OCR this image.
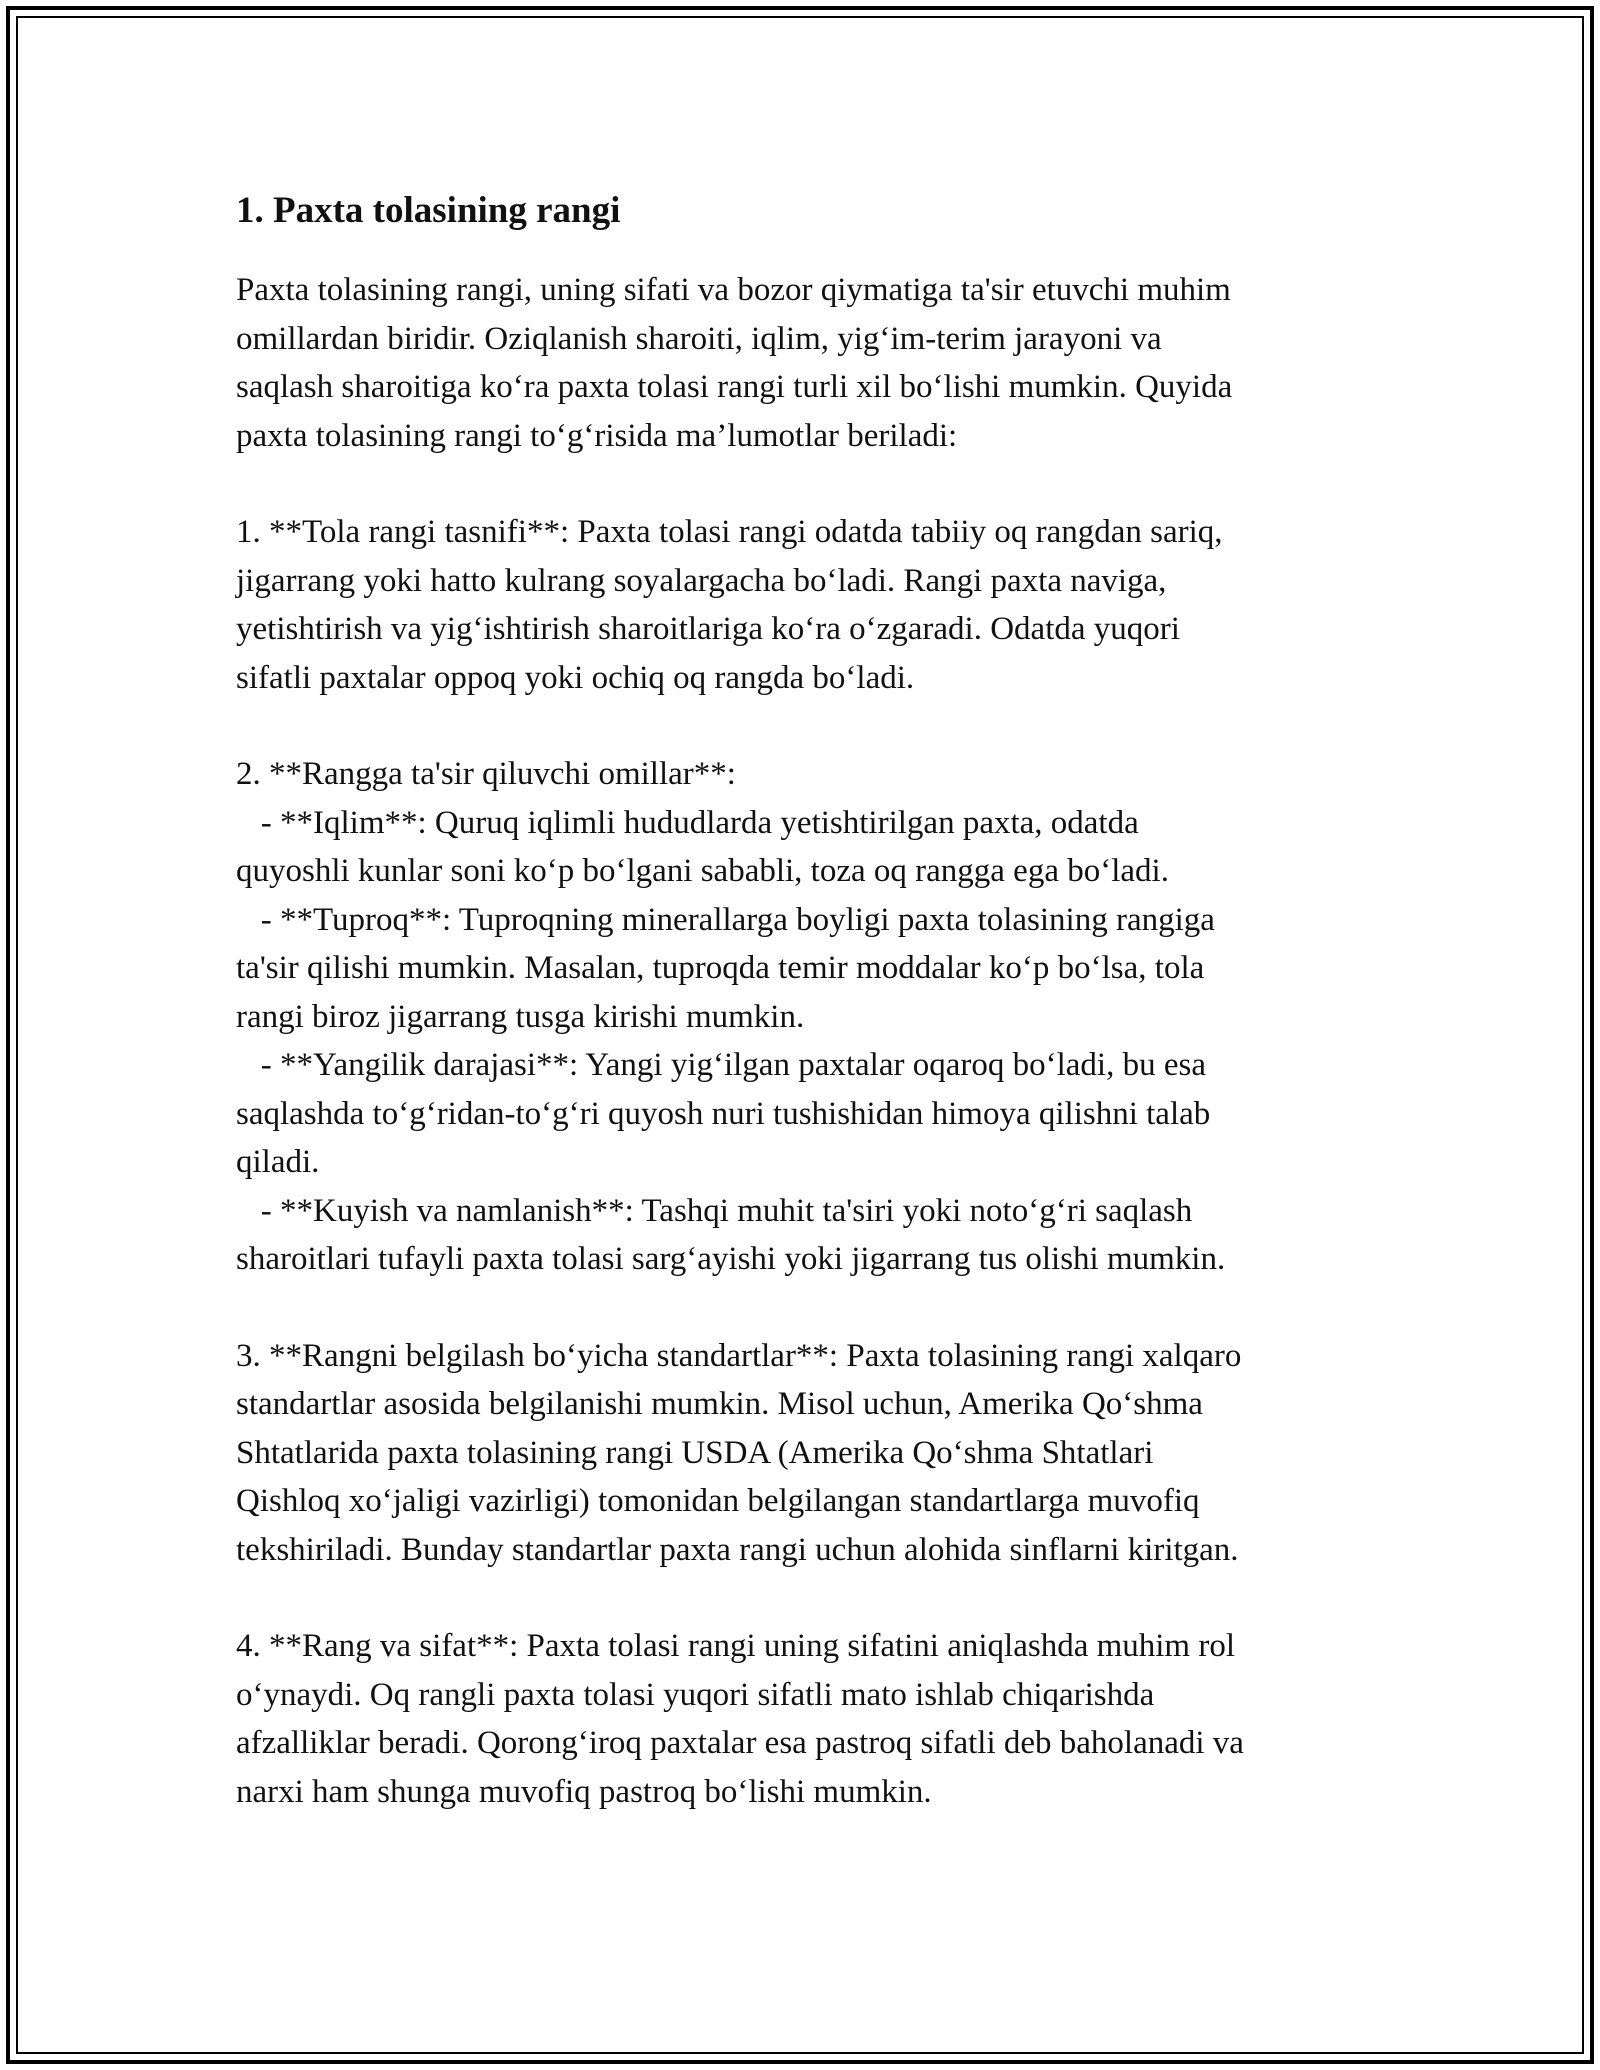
1. Paxta tolasining rangi

Paxta tolasining rangi, uning sifati va bozor qiymatiga ta'sir etuvchi muhim
omillardan biridir. Oziqlanish sharoiti, iqlim, yig‘im-terim jarayoni va
saqlash sharoitiga ko‘ra paxta tolasi rangi turli xil bo‘lishi mumkin. Quyida
paxta tolasining rangi to‘g‘risida ma’lumotlar beriladi:

1. **Tola rangi tasnifi**: Paxta tolasi rangi odatda tabiiy oq rangdan sariq,
jigarrang yoki hatto kulrang soyalargacha bo‘ladi. Rangi paxta naviga,
yetishtirish va yig‘ishtirish sharoitlariga ko‘ra o‘zgaradi. Odatda yuqori
sifatli paxtalar oppoq yoki ochiq oq rangda bo‘ladi.

2. **Rangga ta'sir qiluvchi omillar**:
- **Iqlim**: Quruq iqlimli hududlarda yetishtirilgan paxta, odatda
quyoshli kunlar soni ko‘p bo‘lgani sababli, toza oq rangga ega bo‘ladi.
- **Tuproq**: Tuproqning minerallarga boyligi paxta tolasining rangiga
ta'sir qilishi mumkin. Masalan, tuproqda temir moddalar ko‘p bo‘lsa, tola
rangi biroz jigarrang tusga kirishi mumkin.
- **Yangilik darajasi**: Yangi yig‘ilgan paxtalar oqaroq bo‘ladi, bu esa
saqlashda to‘g‘ridan-to‘g‘ri quyosh nuri tushishidan himoya qilishni talab
qiladi.
- **Kuyish va namlanish**: Tashqi muhit ta'siri yoki noto‘g‘ri saqlash
sharoitlari tufayli paxta tolasi sarg‘ayishi yoki jigarrang tus olishi mumkin.

3. **Rangni belgilash bo‘yicha standartlar**: Paxta tolasining rangi xalqaro
standartlar asosida belgilanishi mumkin. Misol uchun, Amerika Qo‘shma
Shtatlarida paxta tolasining rangi USDA (Amerika Qo‘shma Shtatlari
Qishloq xo‘jaligi vazirligi) tomonidan belgilangan standartlarga muvofiq
tekshiriladi. Bunday standartlar paxta rangi uchun alohida sinflarni kiritgan.

4. **Rang va sifat**: Paxta tolasi rangi uning sifatini aniqlashda muhim rol
o‘ynaydi. Oq rangli paxta tolasi yuqori sifatli mato ishlab chiqarishda
afzalliklar beradi. Qorong‘iroq paxtalar esa pastroq sifatli deb baholanadi va
narxi ham shunga muvofiq pastroq bo‘lishi mumkin.
